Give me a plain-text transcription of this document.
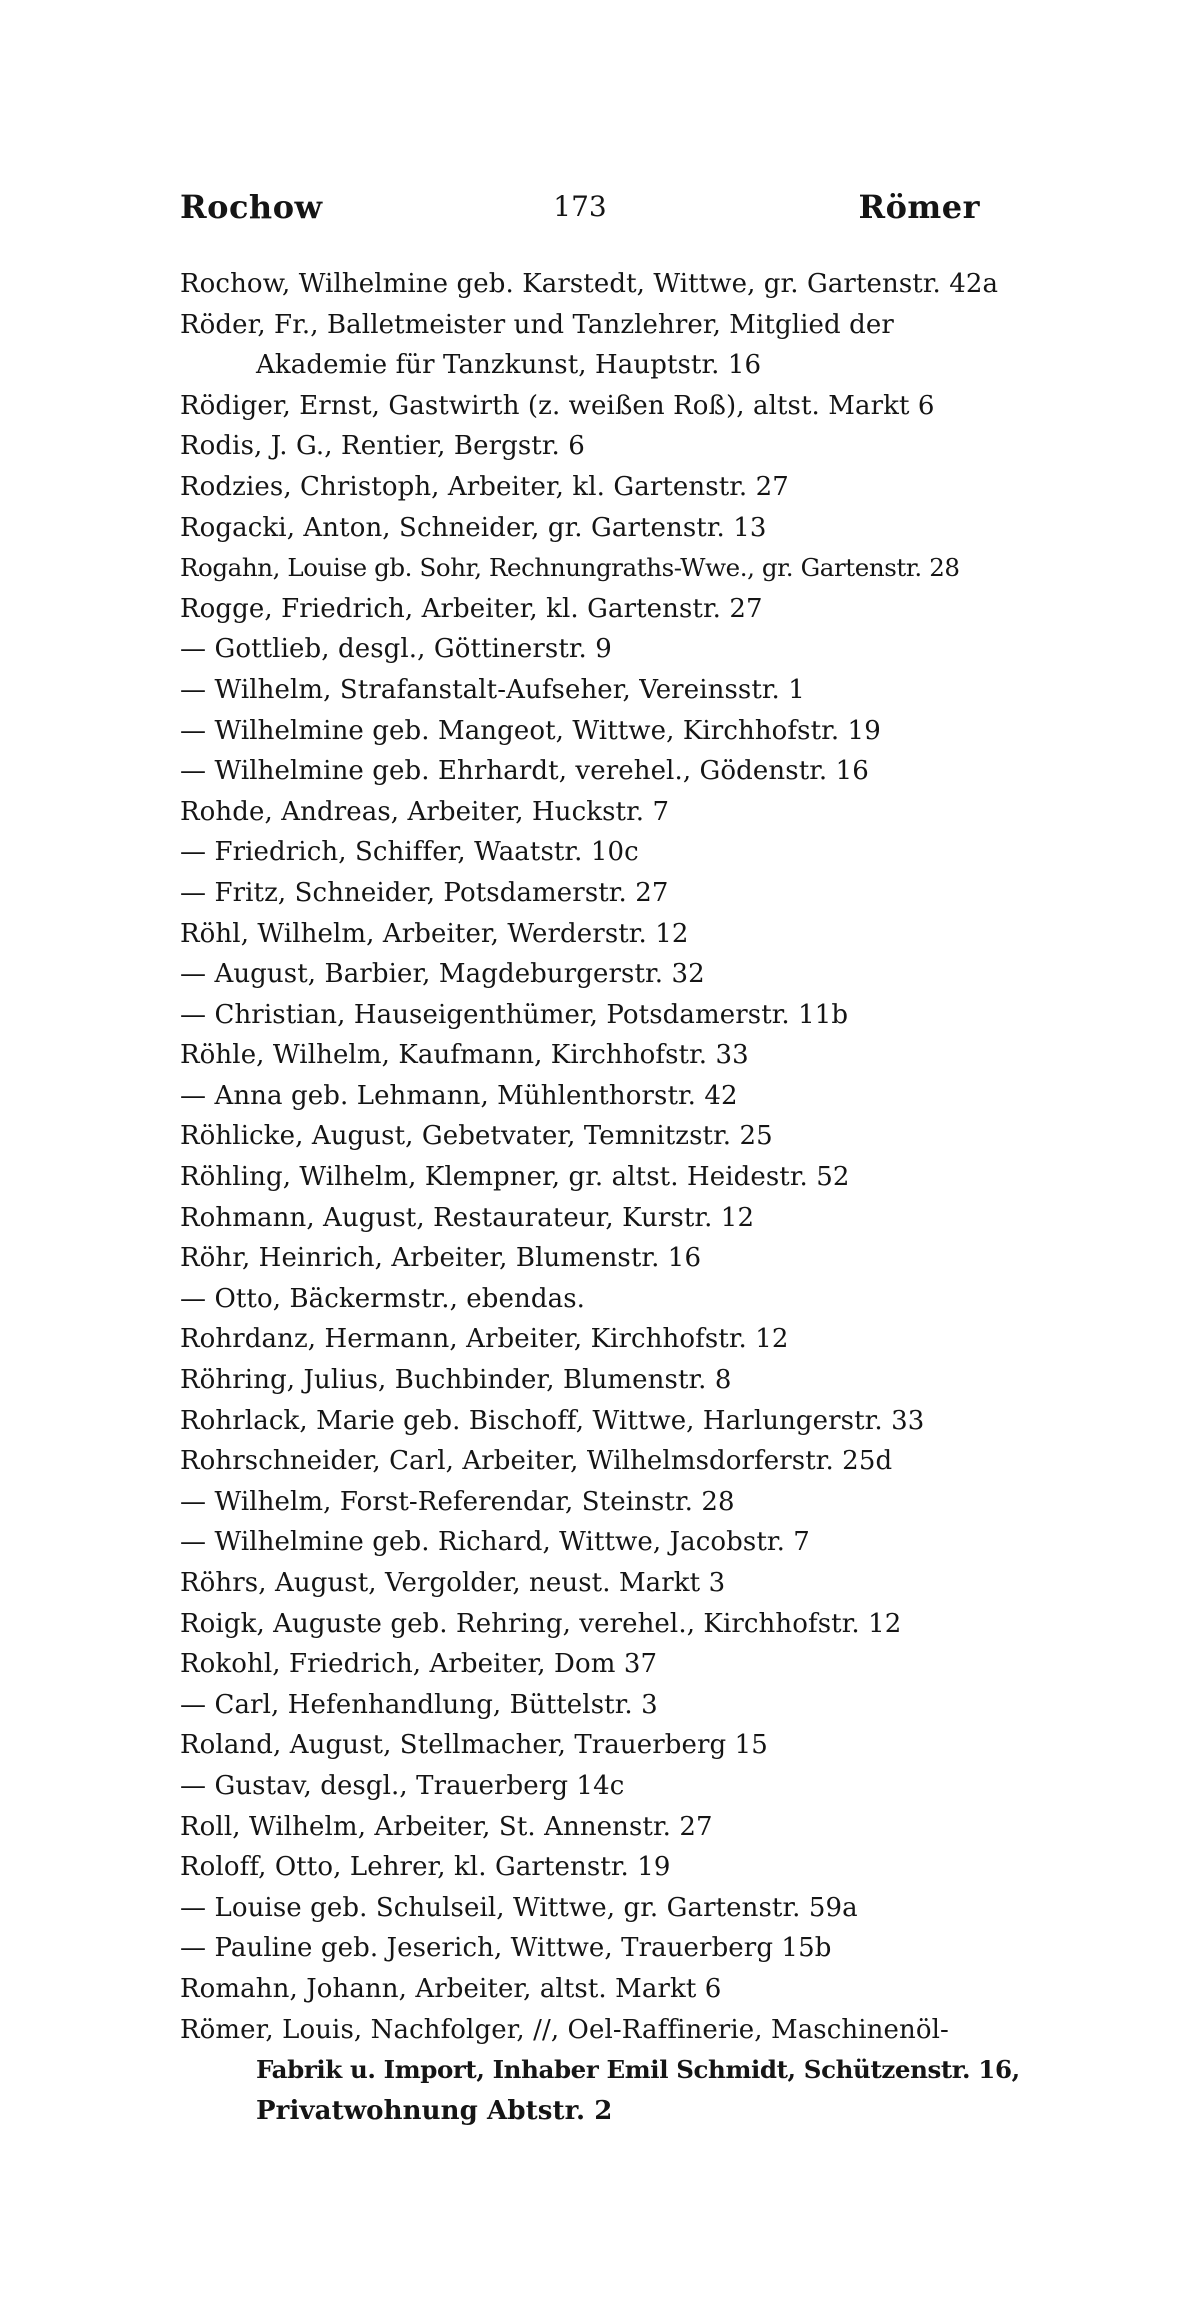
Rochow	173	Römer
Rochow, Wilhelmine geb. Karstedt, Wittwe, gr. Gartenstr. 42a
Röder, Fr., Balletmeister und Tanzlehrer, Mitglied der
Akademie für Tanzkunst, Hauptstr. 16
Rödiger, Ernst, Gastwirth (z. weißen Roß), altst. Markt 6
Rodis, J. G., Rentier, Bergstr. 6
Rodzies, Christoph, Arbeiter, kl. Gartenstr. 27
Rogacki, Anton, Schneider, gr. Gartenstr. 13
Rogahn, Louise gb. Sohr, Rechnungraths-Wwe., gr. Gartenstr. 28
Rogge, Friedrich, Arbeiter, kl. Gartenstr. 27
— Gottlieb, desgl., Göttinerstr. 9
— Wilhelm, Strafanstalt-Aufseher, Vereinsstr. 1
— Wilhelmine geb. Mangeot, Wittwe, Kirchhofstr. 19
— Wilhelmine geb. Ehrhardt, verehel., Gödenstr. 16
Rohde, Andreas, Arbeiter, Huckstr. 7
— Friedrich, Schiffer, Waatstr. 10c
— Fritz, Schneider, Potsdamerstr. 27
Röhl, Wilhelm, Arbeiter, Werderstr. 12
— August, Barbier, Magdeburgerstr. 32
— Christian, Hauseigenthümer, Potsdamerstr. 11b
Röhle, Wilhelm, Kaufmann, Kirchhofstr. 33
— Anna geb. Lehmann, Mühlenthorstr. 42
Röhlicke, August, Gebetvater, Temnitzstr. 25
Röhling, Wilhelm, Klempner, gr. altst. Heidestr. 52
Rohmann, August, Restaurateur, Kurstr. 12
Röhr, Heinrich, Arbeiter, Blumenstr. 16
— Otto, Bäckermstr., ebendas.
Rohrdanz, Hermann, Arbeiter, Kirchhofstr. 12
Röhring, Julius, Buchbinder, Blumenstr. 8
Rohrlack, Marie geb. Bischoff, Wittwe, Harlungerstr. 33
Rohrschneider, Carl, Arbeiter, Wilhelmsdorferstr. 25d
— Wilhelm, Forst-Referendar, Steinstr. 28
— Wilhelmine geb. Richard, Wittwe, Jacobstr. 7
Röhrs, August, Vergolder, neust. Markt 3
Roigk, Auguste geb. Rehring, verehel., Kirchhofstr. 12
Rokohl, Friedrich, Arbeiter, Dom 37
— Carl, Hefenhandlung, Büttelstr. 3
Roland, August, Stellmacher, Trauerberg 15
— Gustav, desgl., Trauerberg 14c
Roll, Wilhelm, Arbeiter, St. Annenstr. 27
Roloff, Otto, Lehrer, kl. Gartenstr. 19
— Louise geb. Schulseil, Wittwe, gr. Gartenstr. 59a
— Pauline geb. Jeserich, Wittwe, Trauerberg 15b
Romahn, Johann, Arbeiter, altst. Markt 6
Römer, Louis, Nachfolger, //, Oel-Raffinerie, Maschinenöl-
Fabrik u. Import, Inhaber Emil Schmidt, Schützenstr. 16,
Privatwohnung Abtstr. 2
